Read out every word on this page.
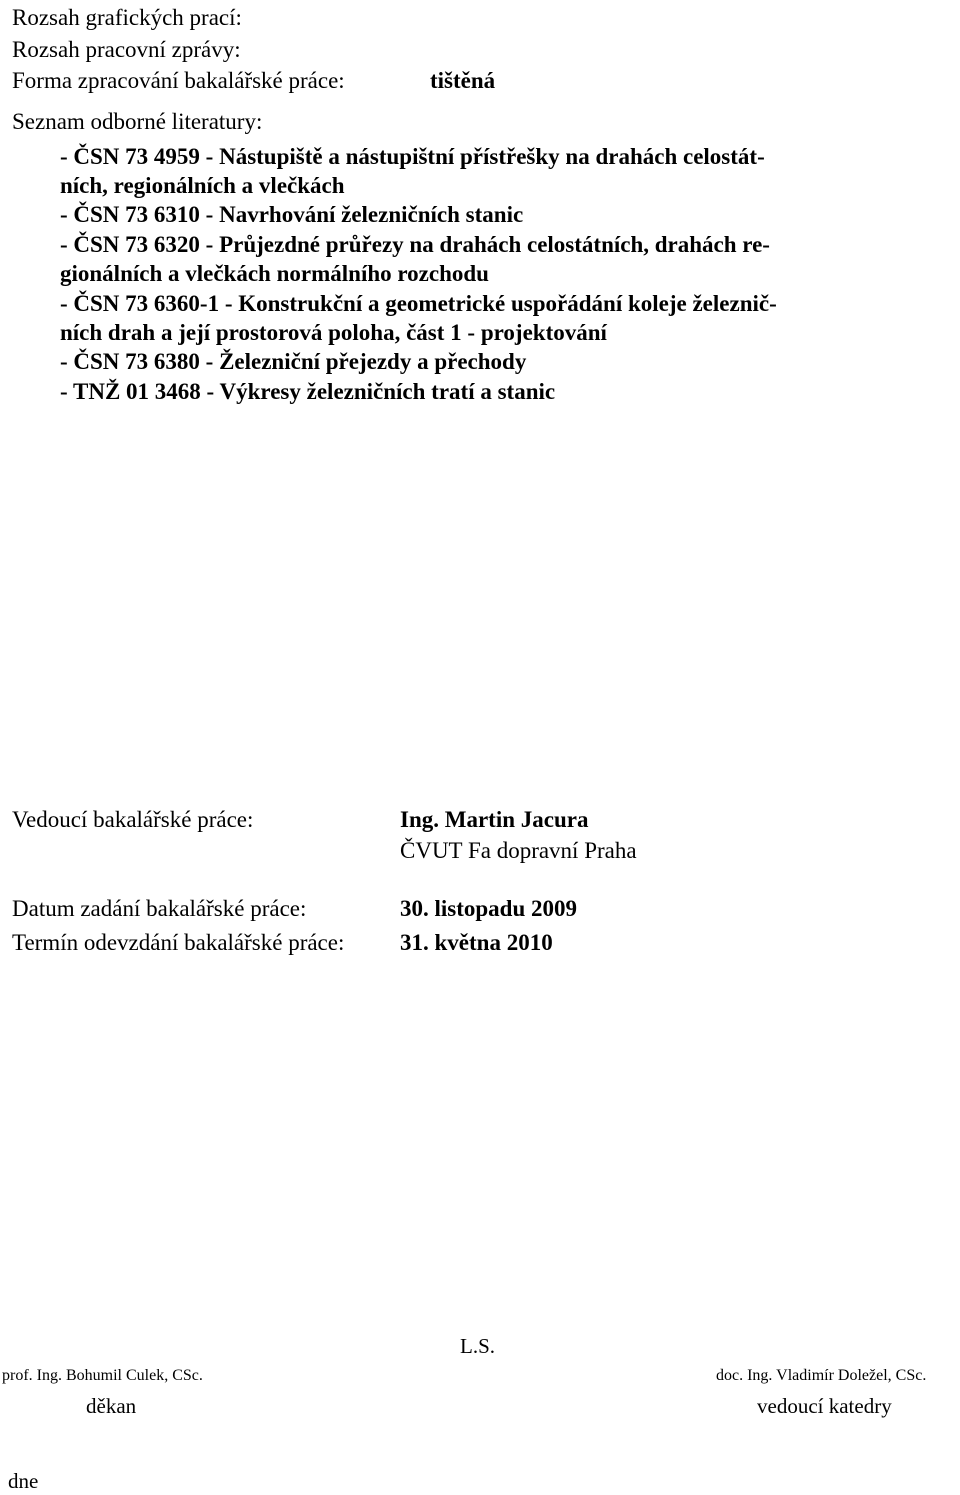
Rozsah grafických prací:
Rozsah pracovní zprávy:
Forma zpracování bakalářské práce:	tištěná
Seznam odborné literatury:
- ČSN 73 4959 - Nástupiště a nástupištní přístřešky na drahách celostát-
ních, regionálních a vlečkách
- ČSN 73 6310 - Navrhování železničních stanic
- ČSN 73 6320 - Průjezdné průřezy na drahách celostátních, drahách re-
gionálních a vlečkách normálního rozchodu
- ČSN 73 6360-1 - Konstrukční a geometrické uspořádání koleje železnič-
ních drah a její prostorová poloha, část 1 - projektování
- ČSN 73 6380 - Železniční přejezdy a přechody
- TNŽ 01 3468 - Výkresy železničních tratí a stanic
Vedoucí bakalářské práce:	Ing. Martin Jacura
ČVUT Fa dopravní Praha
Datum zadání bakalářské práce:	30. listopadu 2009
Termín odevzdání bakalářské práce: 31. května 2010
L.S.
prof. Ing. Bohumil Culek, CSc.
děkan
doc. Ing. Vladimír Doležel, CSc.
vedoucí katedry
dne
